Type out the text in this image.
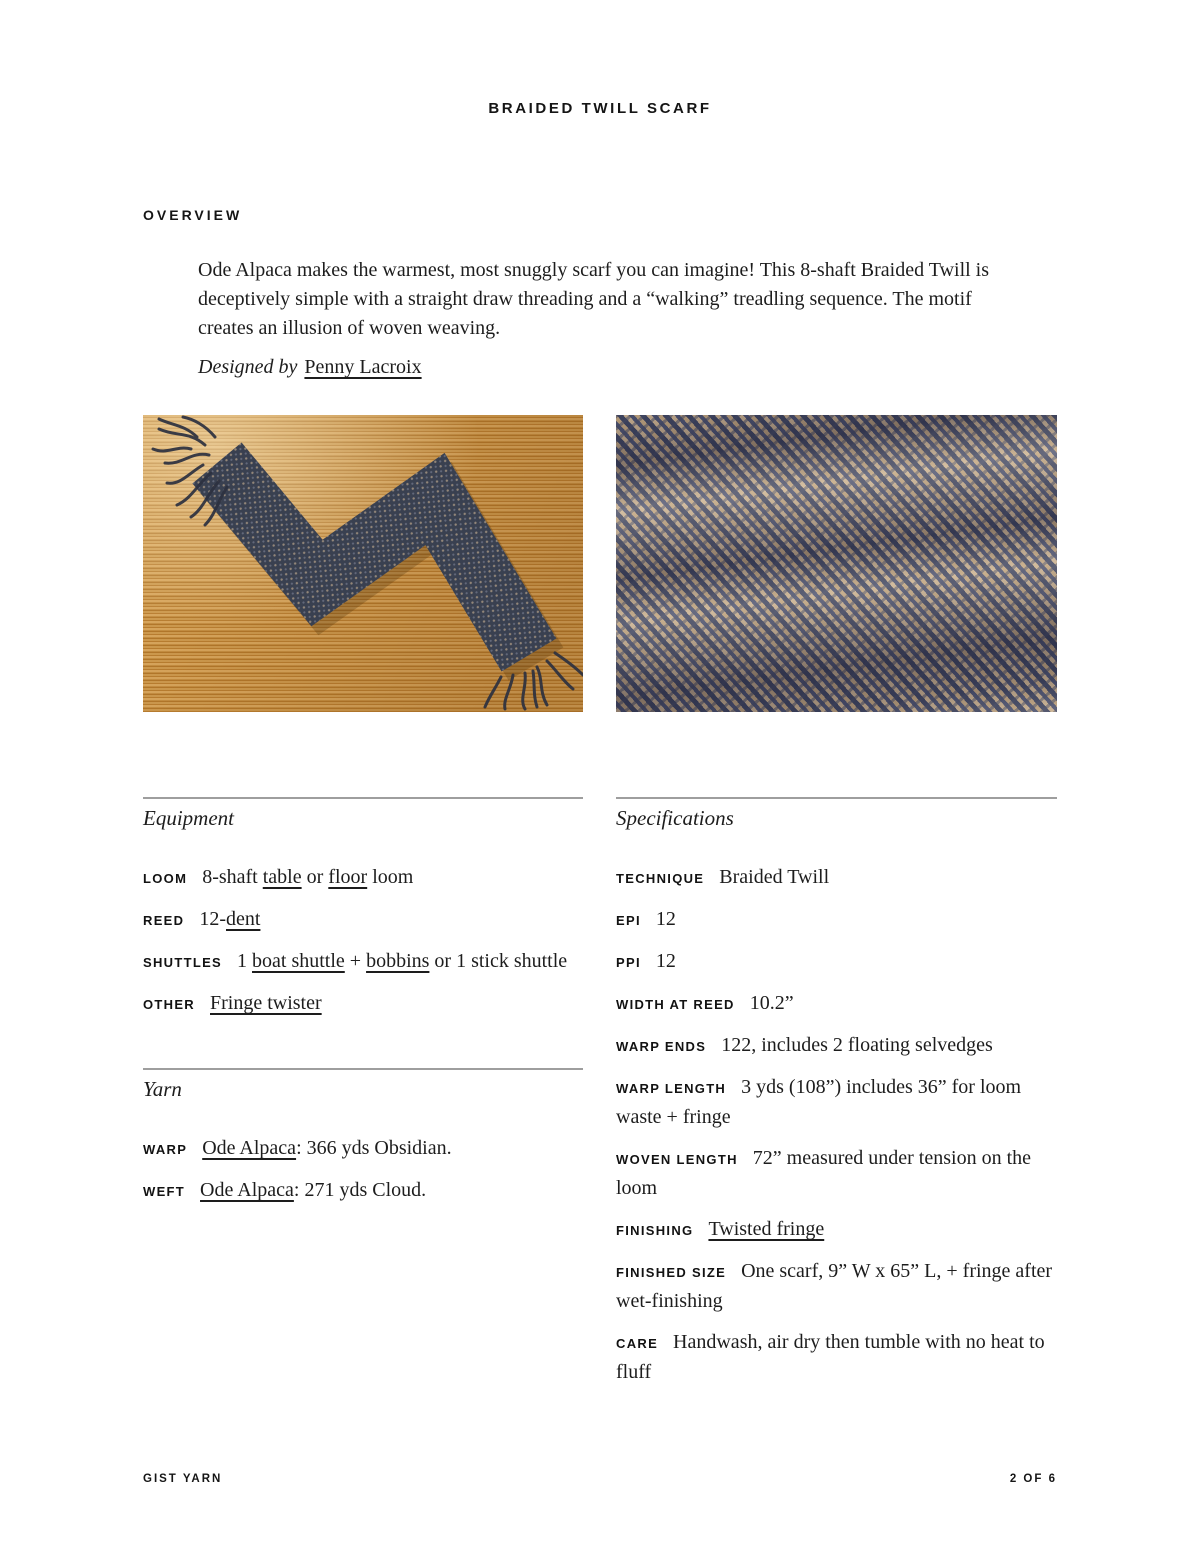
BRAIDED TWILL SCARF
OVERVIEW

Ode Alpaca makes the warmest, most snuggly scarf you can imagine! This 8-shaft Braided Twill is deceptively simple with a straight draw threading and a “walking” treadling sequence. The motif creates an illusion of woven weaving.

Designed by Penny Lacroix

Equipment

LOOM 8-shaft table or floor loom

REED 12-dent

SHUTTLES 1 boat shuttle + bobbins or 1 stick shuttle

OTHER Fringe twister

Yarn

WARP Ode Alpaca: 366 yds Obsidian.

WEFT Ode Alpaca: 271 yds Cloud.

Specifications

TECHNIQUE Braided Twill

EPI 12

PPI 12

WIDTH AT REED 10.2”

WARP ENDS 122, includes 2 floating selvedges

WARP LENGTH 3 yds (108”) includes 36” for loom waste + fringe

WOVEN LENGTH 72” measured under tension on the loom

FINISHING Twisted fringe

FINISHED SIZE One scarf, 9” W x 65” L, + fringe after wet-finishing

CARE Handwash, air dry then tumble with no heat to fluff

GIST YARN	2 OF 6
